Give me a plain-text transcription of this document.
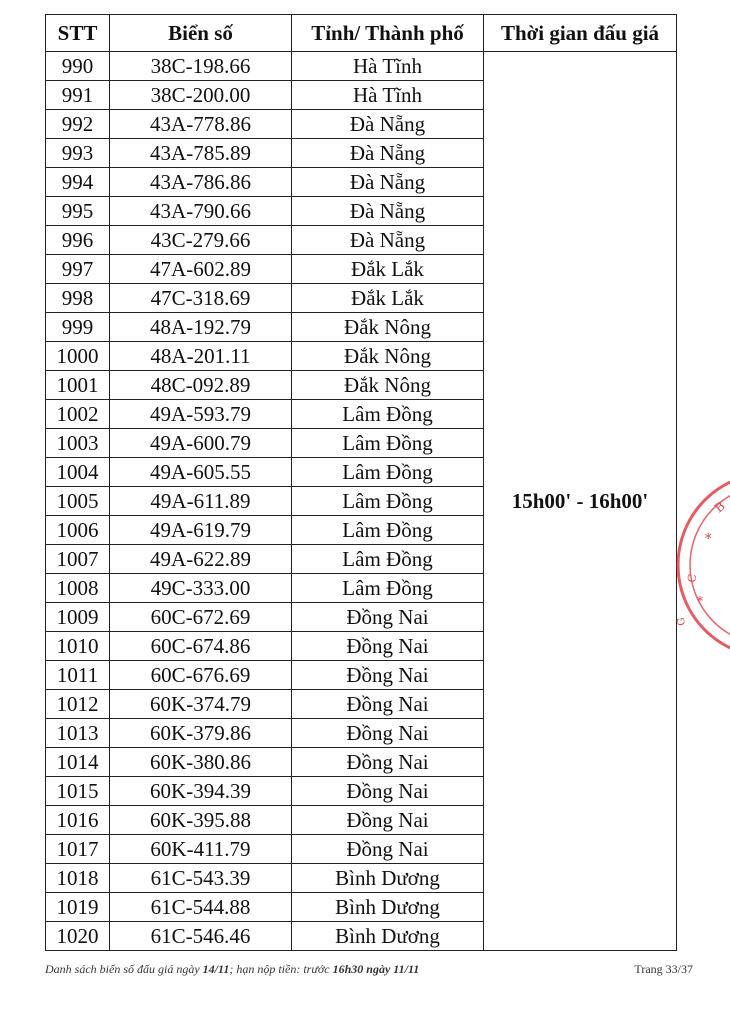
STT	Biển số	Tỉnh/ Thành phố	Thời gian đấu giá
990	38C-198.66	Hà Tĩnh	15h00' - 16h00'
991	38C-200.00	Hà Tĩnh	
992	43A-778.86	Đà Nẵng	
993	43A-785.89	Đà Nẵng	
994	43A-786.86	Đà Nẵng	
995	43A-790.66	Đà Nẵng	
996	43C-279.66	Đà Nẵng	
997	47A-602.89	Đắk Lắk	
998	47C-318.69	Đắk Lắk	
999	48A-192.79	Đắk Nông	
1000	48A-201.11	Đắk Nông	
1001	48C-092.89	Đắk Nông	
1002	49A-593.79	Lâm Đồng	
1003	49A-600.79	Lâm Đồng	
1004	49A-605.55	Lâm Đồng	
1005	49A-611.89	Lâm Đồng	
1006	49A-619.79	Lâm Đồng	
1007	49A-622.89	Lâm Đồng	
1008	49C-333.00	Lâm Đồng	
1009	60C-672.69	Đồng Nai	
1010	60C-674.86	Đồng Nai	
1011	60C-676.69	Đồng Nai	
1012	60K-374.79	Đồng Nai	
1013	60K-379.86	Đồng Nai	
1014	60K-380.86	Đồng Nai	
1015	60K-394.39	Đồng Nai	
1016	60K-395.88	Đồng Nai	
1017	60K-411.79	Đồng Nai	
1018	61C-543.39	Bình Dương	
1019	61C-544.88	Bình Dương	
1020	61C-546.46	Bình Dương	
Danh sách biển số đấu giá ngày 14/11; hạn nộp tiền: trước 16h30 ngày 11/11	Trang 33/37
B
*
C
*
G
